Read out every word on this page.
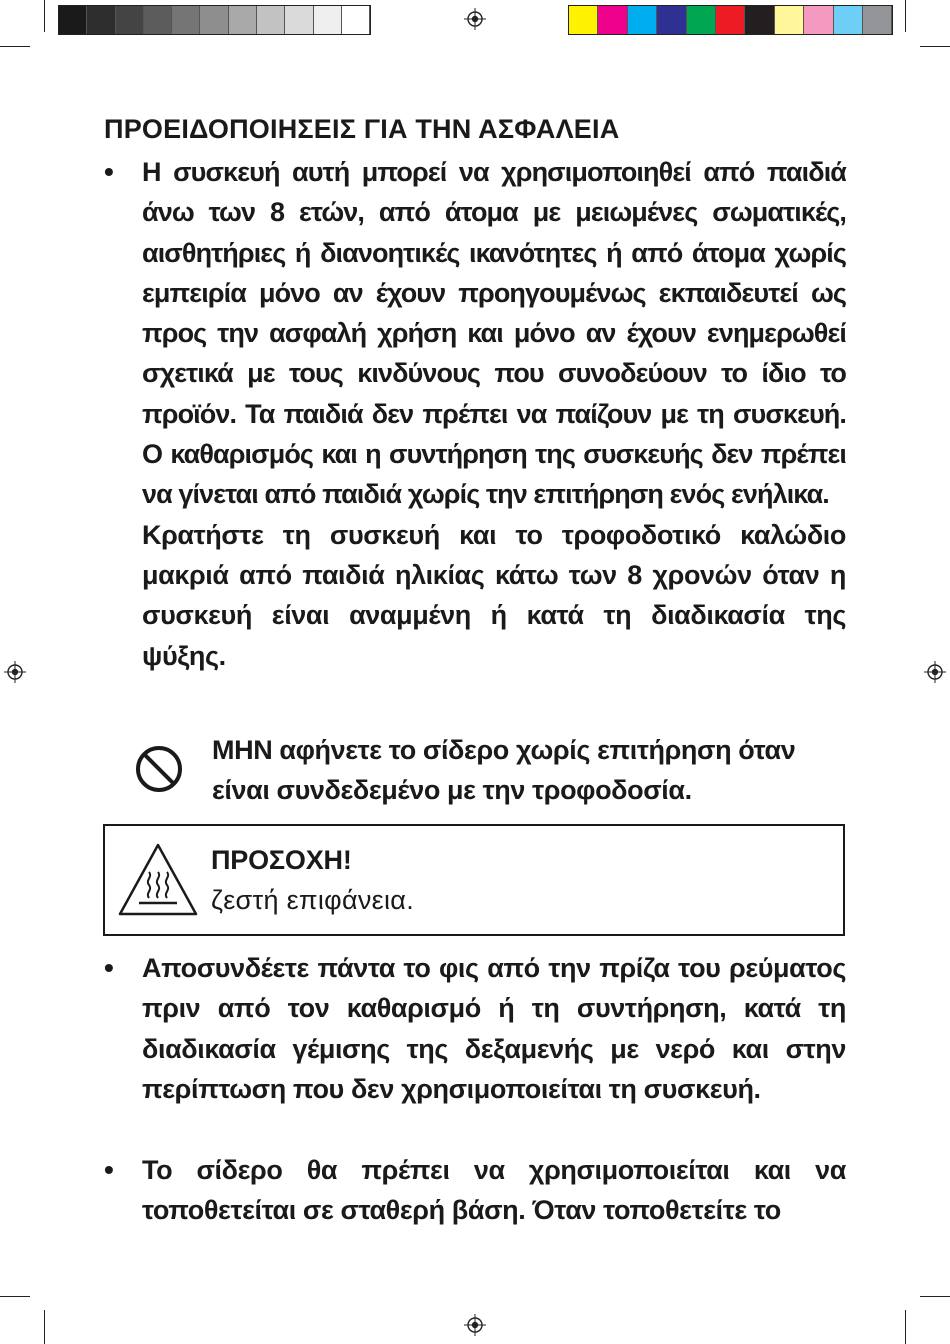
ΠΡΟΕΙΔΟΠΟΙΗΣΕΙΣ ΓΙΑ ΤΗΝ ΑΣΦΑΛΕΙΑ
• Η συσκευή αυτή μπορεί να χρησιμοποιηθεί από παιδιά άνω των 8 ετών, από άτομα με μειωμένες σωματικές, αισθητήριες ή διανοητικές ικανότητες ή από άτομα χωρίς εμπειρία μόνο αν έχουν προηγουμένως εκπαιδευτεί ως προς την ασφαλή χρήση και μόνο αν έχουν ενημερωθεί σχετικά με τους κινδύνους που συνοδεύουν το ίδιο το προϊόν. Τα παιδιά δεν πρέπει να παίζουν με τη συσκευή. Ο καθαρισμός και η συντήρηση της συσκευής δεν πρέπει να γίνεται από παιδιά χωρίς την επιτήρηση ενός ενήλικα.
Κρατήστε τη συσκευή και το τροφοδοτικό καλώδιο μακριά από παιδιά ηλικίας κάτω των 8 χρονών όταν η συσκευή είναι αναμμένη ή κατά τη διαδικασία της ψύξης.
ΜΗΝ αφήνετε το σίδερο χωρίς επιτήρηση όταν είναι συνδεδεμένο με την τροφοδοσία.
ΠΡΟΣΟΧΗ!
ζεστή επιφάνεια.
• Αποσυνδέετε πάντα το φις από την πρίζα του ρεύματος πριν από τον καθαρισμό ή τη συντήρηση, κατά τη διαδικασία γέμισης της δεξαμενής με νερό και στην περίπτωση που δεν χρησιμοποιείται τη συσκευή.
• Το σίδερο θα πρέπει να χρησιμοποιείται και να τοποθετείται σε σταθερή βάση. Όταν τοποθετείτε το
